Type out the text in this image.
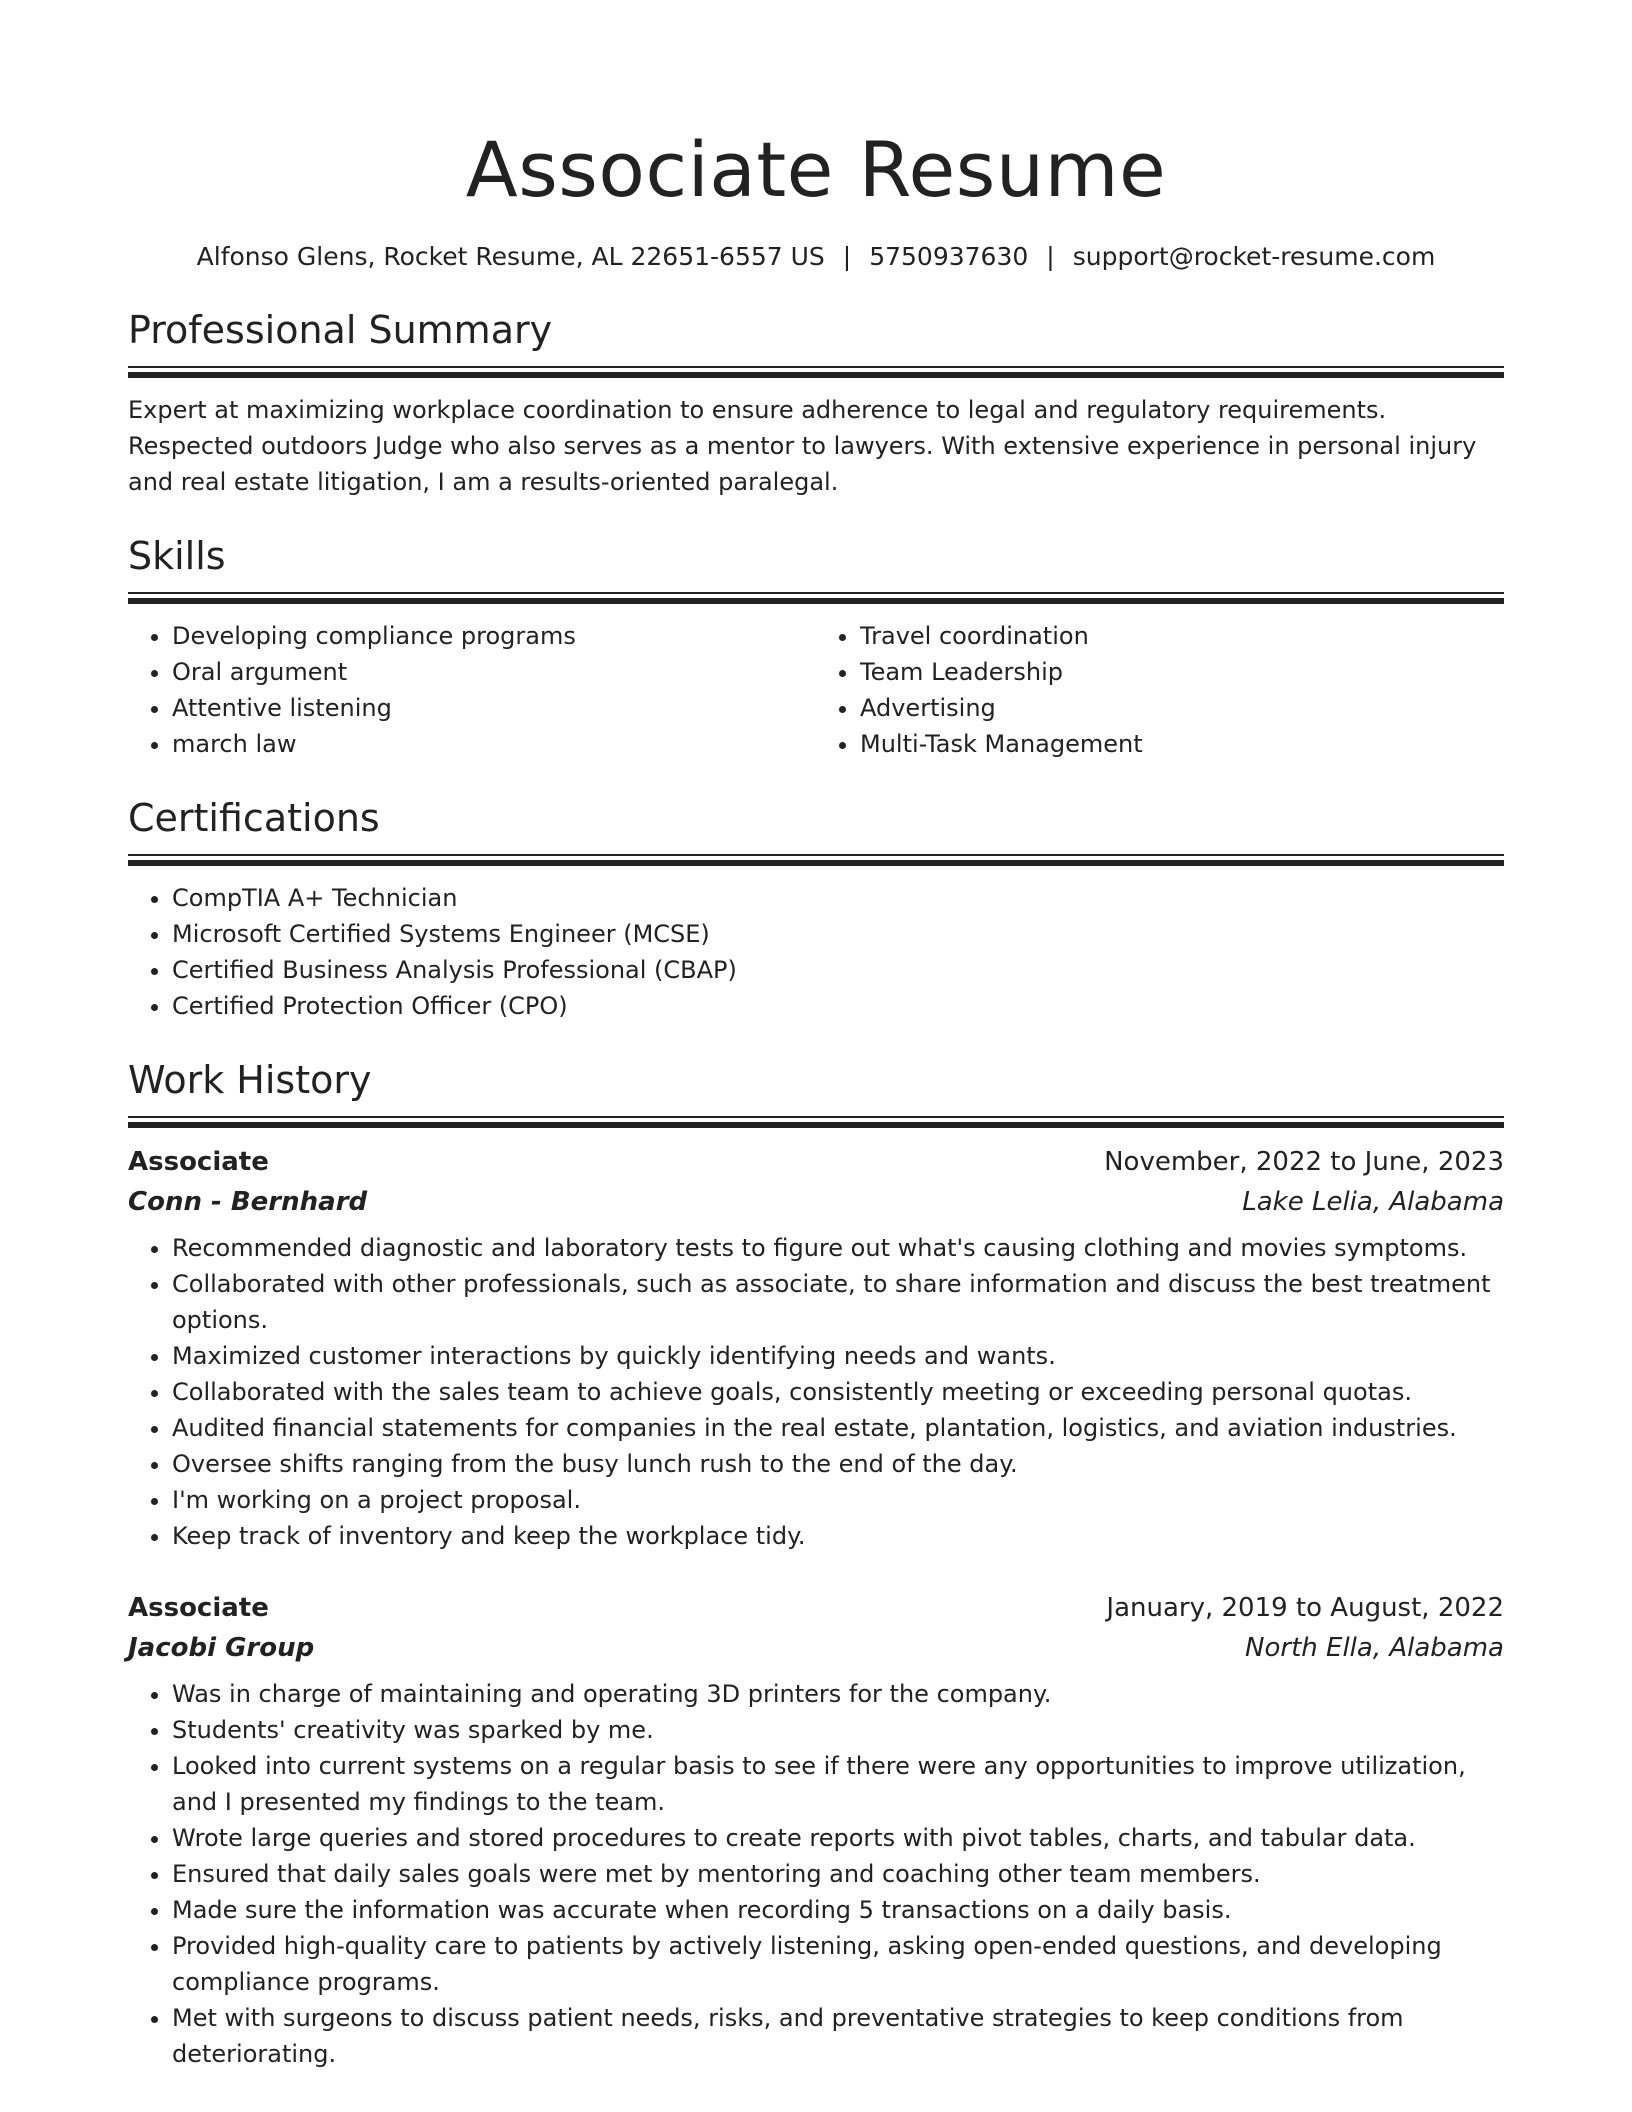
Associate Resume
Alfonso Glens, Rocket Resume, AL 22651-6557 US | 5750937630 | support@rocket-resume.com
Professional Summary
Expert at maximizing workplace coordination to ensure adherence to legal and regulatory requirements. Respected outdoors Judge who also serves as a mentor to lawyers. With extensive experience in personal injury and real estate litigation, I am a results-oriented paralegal.
Skills
• Developing compliance programs
• Oral argument
• Attentive listening
• march law
• Travel coordination
• Team Leadership
• Advertising
• Multi-Task Management
Certifications
• CompTIA A+ Technician
• Microsoft Certified Systems Engineer (MCSE)
• Certified Business Analysis Professional (CBAP)
• Certified Protection Officer (CPO)
Work History
Associate	November, 2022 to June, 2023
Conn - Bernhard	Lake Lelia, Alabama
• Recommended diagnostic and laboratory tests to figure out what's causing clothing and movies symptoms.
• Collaborated with other professionals, such as associate, to share information and discuss the best treatment options.
• Maximized customer interactions by quickly identifying needs and wants.
• Collaborated with the sales team to achieve goals, consistently meeting or exceeding personal quotas.
• Audited financial statements for companies in the real estate, plantation, logistics, and aviation industries.
• Oversee shifts ranging from the busy lunch rush to the end of the day.
• I'm working on a project proposal.
• Keep track of inventory and keep the workplace tidy.
Associate	January, 2019 to August, 2022
Jacobi Group	North Ella, Alabama
• Was in charge of maintaining and operating 3D printers for the company.
• Students' creativity was sparked by me.
• Looked into current systems on a regular basis to see if there were any opportunities to improve utilization, and I presented my findings to the team.
• Wrote large queries and stored procedures to create reports with pivot tables, charts, and tabular data.
• Ensured that daily sales goals were met by mentoring and coaching other team members.
• Made sure the information was accurate when recording 5 transactions on a daily basis.
• Provided high-quality care to patients by actively listening, asking open-ended questions, and developing compliance programs.
• Met with surgeons to discuss patient needs, risks, and preventative strategies to keep conditions from deteriorating.
